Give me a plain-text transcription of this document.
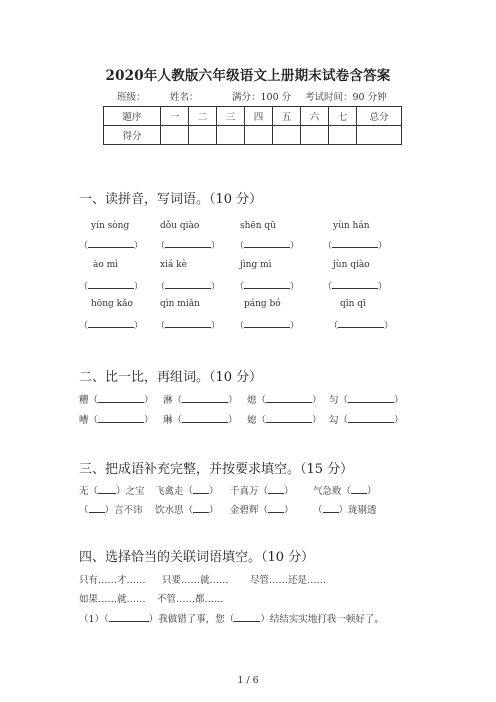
2020年人教版六年级语文上册期末试卷含答案
班级：	姓名：	满分：100 分 考试时间：90 分钟
题序	一	二	三	四	五	六	七	总分
得分								
一、读拼音，写词语。（10 分）
yín sòng	dǒu qiào	shēn qū	yùn hán
（	） （	） （	）	（	）
ào mì	xiá kè	jìng mì	jùn qiào
（	） （	） （	）	（	）
hōng kǎo	qìn miǎn	páng bó	qīn qī
（	） （	） （	）	（	）
二、比一比，再组词。（10 分）
糟（	） 淋（	） 熄（	） 匀（	）
嘈（	） 琳（	） 媳（	） 勾（	）
三、把成语补充完整，并按要求填空。（15 分）
无（ ）之宝 飞禽走（ ） 千真万（ ） 气急败（ ）
（ ）言不讳 饮水思（ ） 金碧辉（ ） （ ）珑剔透
四、选择恰当的关联词语填空。（10 分）
只有……才…… 只要……就…… 尽管……还是……
如果……就…… 不管……都……
（1）（	）我做错了事，您（	）结结实实地打我一顿好了。
1 / 6
